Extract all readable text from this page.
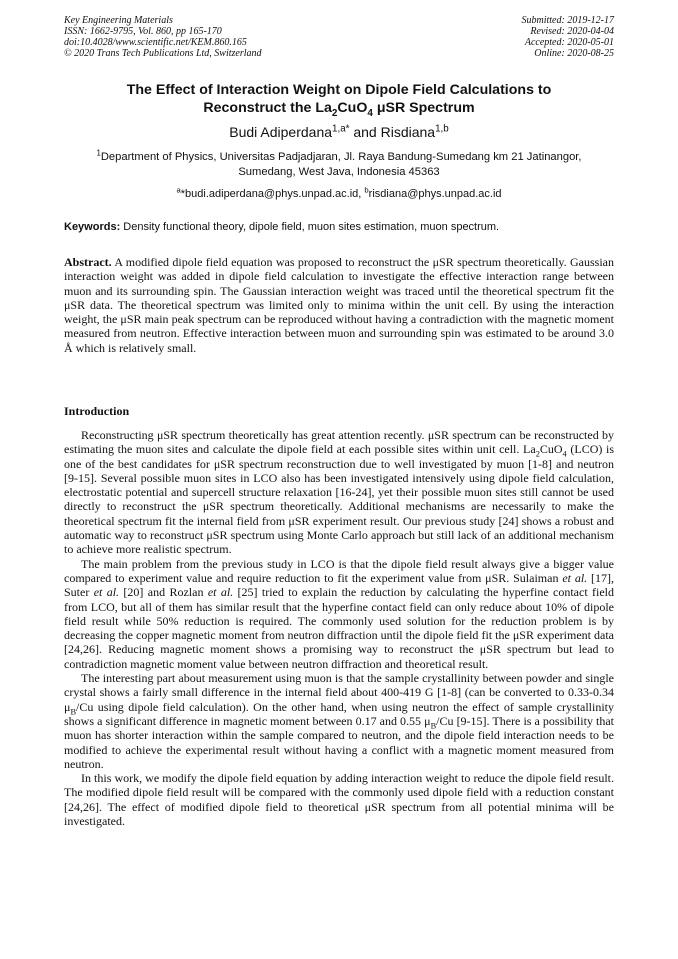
Key Engineering Materials
ISSN: 1662-9795, Vol. 860, pp 165-170
doi:10.4028/www.scientific.net/KEM.860.165
© 2020 Trans Tech Publications Ltd, Switzerland
Submitted: 2019-12-17
Revised: 2020-04-04
Accepted: 2020-05-01
Online: 2020-08-25
The Effect of Interaction Weight on Dipole Field Calculations to
Reconstruct the $La_2CuO_4$ μSR Spectrum
Budi Adiperdana$^{1,a*}$ and Risdiana$^{1,b}$
$^1$Department of Physics, Universitas Padjadjaran, Jl. Raya Bandung-Sumedang km 21 Jatinangor,
Sumedang, West Java, Indonesia 45363
$^a$*budi.adiperdana@phys.unpad.ac.id, $^b$risdiana@phys.unpad.ac.id
Keywords: Density functional theory, dipole field, muon sites estimation, muon spectrum.
Abstract. A modified dipole field equation was proposed to reconstruct the μSR spectrum theoretically. Gaussian interaction weight was added in dipole field calculation to investigate the effective interaction range between muon and its surrounding spin. The Gaussian interaction weight was traced until the theoretical spectrum fit the μSR data. The theoretical spectrum was limited only to minima within the unit cell. By using the interaction weight, the μSR main peak spectrum can be reproduced without having a contradiction with the magnetic moment measured from neutron. Effective interaction between muon and surrounding spin was estimated to be around 3.0 Å which is relatively small.
Introduction

Reconstructing μSR spectrum theoretically has great attention recently. μSR spectrum can be reconstructed by estimating the muon sites and calculate the dipole field at each possible sites within unit cell. $La_2CuO_4$ (LCO) is one of the best candidates for μSR spectrum reconstruction due to well investigated by muon [1-8] and neutron [9-15]. Several possible muon sites in LCO also has been investigated intensively using dipole field calculation, electrostatic potential and supercell structure relaxation [16-24], yet their possible muon sites still cannot be used directly to reconstruct the μSR spectrum theoretically. Additional mechanisms are necessarily to make the theoretical spectrum fit the internal field from μSR experiment result. Our previous study [24] shows a robust and automatic way to reconstruct μSR spectrum using Monte Carlo approach but still lack of an additional mechanism to achieve more realistic spectrum.

The main problem from the previous study in LCO is that the dipole field result always give a bigger value compared to experiment value and require reduction to fit the experiment value from μSR. Sulaiman et al. [17], Suter et al. [20] and Rozlan et al. [25] tried to explain the reduction by calculating the hyperfine contact field from LCO, but all of them has similar result that the hyperfine contact field can only reduce about 10% of dipole field result while 50% reduction is required. The commonly used solution for the reduction problem is by decreasing the copper magnetic moment from neutron diffraction until the dipole field fit the μSR experiment data [24,26]. Reducing magnetic moment shows a promising way to reconstruct the μSR spectrum but lead to contradiction magnetic moment value between neutron diffraction and theoretical result.

The interesting part about measurement using muon is that the sample crystallinity between powder and single crystal shows a fairly small difference in the internal field about 400-419 G [1-8] (can be converted to 0.33-0.34 $\mu_B/Cu$ using dipole field calculation). On the other hand, when using neutron the effect of sample crystallinity shows a significant difference in magnetic moment between 0.17 and 0.55 $\mu_B/Cu$ [9-15]. There is a possibility that muon has shorter interaction within the sample compared to neutron, and the dipole field interaction needs to be modified to achieve the experimental result without having a conflict with a magnetic moment measured from neutron.

In this work, we modify the dipole field equation by adding interaction weight to reduce the dipole field result. The modified dipole field result will be compared with the commonly used dipole field with a reduction constant [24,26]. The effect of modified dipole field to theoretical μSR spectrum from all potential minima will be investigated.
